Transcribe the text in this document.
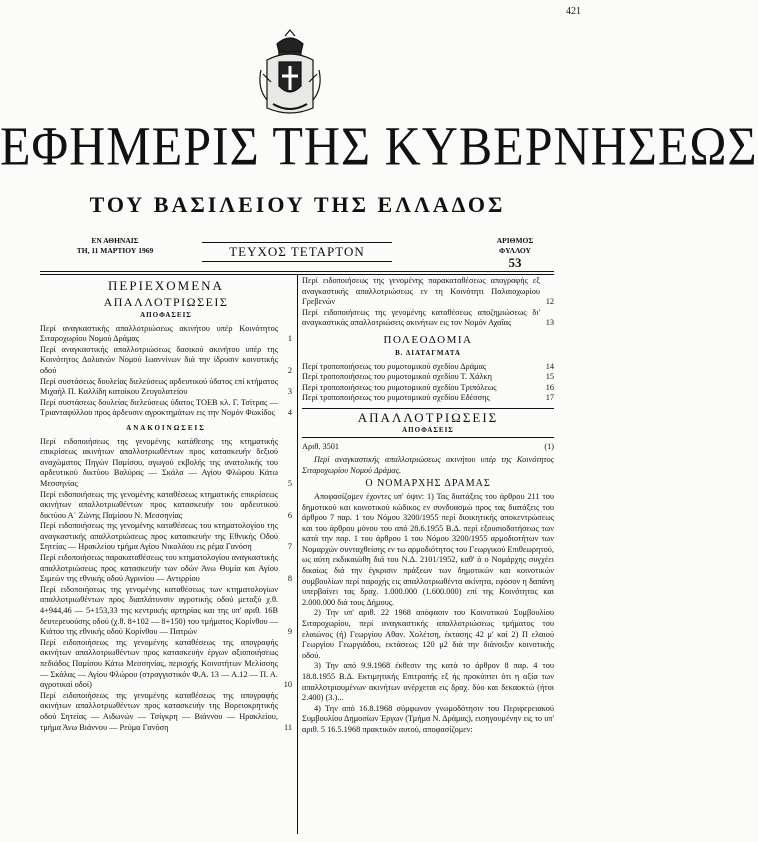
421
ΕΦΗΜΕΡΙΣ ΤΗΣ ΚΥΒΕΡΝΗΣΕΩΣ
ΤΟΥ ΒΑΣΙΛΕΙΟΥ ΤΗΣ ΕΛΛΑΔΟΣ
ΕΝ ΑΘΗΝΑΙΣ
ΤΗ, 11 ΜΑΡΤΙΟΥ 1969	ΤΕΥΧΟΣ ΤΕΤΑΡΤΟΝ
ΑΡΙΘΜΟΣ ΦΥΛΛΟΥ
53
ΠΕΡΙΕΧΟΜΕΝΑ
ΑΠΑΛΛΟΤΡΙΩΣΕΙΣ
ΑΠΟΦΑΣΕΙΣ
Περί αναγκαστικής απαλλοτριώσεως ακινήτου υπέρ Κοινότητος Σιταροχωρίου Νομού Δράμας	1
Περί αναγκαστικής απαλλοτριώσεως δασικού ακινήτου υπέρ της Κοινότητος Δολιανών Νομού Ιωαννίνων διά την ίδρυσιν κοινοτικής οδού	2
Περί συστάσεως δουλείας διελεύσεως αρδευτικού ύδατος επί κτήματος Μιχαήλ Π. Καλλίδη κατοίκου Ζευγολατείου	3
Περί συστάσεως δουλείας διελεύσεως ύδατος ΤΟΕΒ κλ. Γ. Τσίτρας — Τριανταφύλλου προς άρδευσιν αγροκτημάτων εις την Νομόν Φωκίδος	4
ΑΝΑΚΟΙΝΩΣΕΙΣ
Περί ειδοποιήσεως της γενομένης κατάθεσης της κτηματικής επικρίσεως ακινήτων απαλλοτριωθέντων προς κατασκευήν δεξιού αναχώματος Πηγών Παμίσου, αγωγού εκβολής της ανατολικής του αρδευτικού δικτύου Βαλύρας — Σκάλα — Αγίου Φλώρου Κάτω Μεσσηνίας	5
Περί ειδοποιήσεως της γενομένης καταθέσεως κτηματικής επικρίσεως ακινήτων απαλλοτριωθέντων προς κατασκευήν του αρδευτικού δικτύου Α΄ Ζώνης Παμίσου Ν. Μεσσηνίας	6
Περί ειδοποιήσεως της γενομένης καταθέσεως του κτηματολογίου της αναγκαστικής απαλλοτριώσεως προς κατασκευήν της Εθνικής Οδού Σητείας — Ηρακλείου τμήμα Αγίου Νικολάου εις ρέμα Γανόση	7
Περί ειδοποιήσεως παρακαταθέσεως του κτηματολογίου αναγκαστικής απαλλοτριώσεως προς κατασκευήν των οδών Άνω Θυμία και Αγίου Σιμεών της εθνικής οδού Αγρινίου — Αντιρρίου	8
Περί ειδοποιήσεως της γενομένης καταθέσεως των κτηματολογίων απαλλοτριωθέντων προς διαπλάτυνσιν αγροτικής οδού μεταξύ χ.θ. 4+944,46 — 5+153,33 της κεντρικής αρτηρίας και της υπ' αριθ. 16Β δευτερευούσης οδού (χ.θ. 8+102 — 8+150) του τμήματος Κορίνθου — Κιάτου της εθνικής οδού Κορίνθου — Πατρών	9
Περί ειδοποιήσεως της γενομένης καταθέσεως της απογραφής ακινήτων απαλλοτριωθέντων προς κατασκευήν έργων αξιοποιήσεως πεδιάδος Παμίσου Κάτω Μεσσηνίας, περιοχής Κοινοτήτων Μελίσσης — Σκάλας — Αγίου Φλώρου (στραγγιστικόν Φ.Α. 13 — Α.12 — Π. Α. αγροτικαί οδοί)	10
Περί ειδοποιήσεως της γενομένης καταθέσεως της απογραφής ακινήτων απαλλοτριωθέντων προς κατασκευήν της Βορειοκρητικής οδού Σητείας — Αιδωνών — Τσίγκρη — Βιάννου — Ηρακλείου, τμήμα Άνω Βιάννου — Ρεύμα Γανόση	11
Περί ειδοποιήσεως της γενομένης παρακαταθέσεως απογραφής εξ αναγκαστικής απαλλοτριώσεως εν τη Κοινότητι Παλαιοχωρίου Γρεβενών	12
Περί ειδοποιήσεως της γενομένης καταθέσεως αποζημιώσεως δι' αναγκαστικάς απαλλοτριώσεις ακινήτων εις τον Νομόν Αχαΐας	13
ΠΟΛΕΟΔΟΜΙΑ
Β. ΔΙΑΤΑΓΜΑΤΑ
Περί τροποποιήσεως του ρυμοτομικού σχεδίου Δράμας	14
Περί τροποποιήσεως του ρυμοτομικού σχεδίου Τ. Χάλκη	15
Περί τροποποιήσεως του ρυμοτομικού σχεδίου Τριπόλεως	16
Περί τροποποιήσεως του ρυμοτομικού σχεδίου Εδέσσης	17
ΑΠΑΛΛΟΤΡΙΩΣΕΙΣ
ΑΠΟΦΑΣΕΙΣ
Αριθ. 3501	(1)

Περί αναγκαστικής απαλλοτριώσεως ακινήτου υπέρ της Κοινότητος Σιταροχωρίου Νομού Δράμας.

Ο ΝΟΜΑΡΧΗΣ ΔΡΑΜΑΣ

Αποφασίζομεν έχοντες υπ' όψιν: 1) Τας διατάξεις του άρθρου 211 του δημοτικού και κοινοτικού κώδικος εν συνδυασμώ προς τας διατάξεις του άρθρου 7 παρ. 1 του Νόμου 3200/1955 περί διοικητικής αποκεντρώσεως και του άρθρου μόνου του από 28.6.1955 Β.Δ. περί εξουσιοδοτήσεως των κατά την παρ. 1 του άρθρου 1 του Νόμου 3200/1955 αρμοδιοτήτων των Νομαρχών συνταχθείσης εν τω αρμοδιότητος του Γεωργικού Επιθεωρητού, ως αύτη εκδικαιώθη διά του Ν.Δ. 2101/1952, καθ' ά ο Νομάρχης συγχέει δικαίως διά την έγκρισιν πράξεων των δημοτικών και κοινοτικών συμβουλίων περί παροχής εις απαλλοτριωθέντα ακίνητα, εφόσον η δαπάνη υπερβαίνει τας δραχ. 1.000.000 (1.600.000) επί της Κοινότητος και 2.000.000 διά τους Δήμους.

2) Την υπ' αριθ. 22 1968 απόφασιν του Κοινοτικού Συμβουλίου Σιταροχωρίου, περί αναγκαστικής απαλλοτριώσεως τμήματος του ελαιώνος (ή) Γεωργίου Αθαν. Χολέτση, έκτασης 42 μ' καί 2) Π ελαιού Γεωργίου Γεωργιάδου, εκτάσεως 120 μ2 διά την διάνοιξιν κοινοτικής οδού.

3) Την από 9.9.1968 έκθεσιν της κατά το άρθρον 8 παρ. 4 του 18.8.1955 Β.Δ. Εκτιμητικής Επιτροπής εξ ής προκύπτει ότι η αξία των απαλλοτριουμένων ακινήτων ανέρχεται εις δραχ. δύο και δεκαοκτώ (ήτοι 2.400) (3.)...

4) Την από 16.8.1968 σύμφωνον γνωμοδότησιν του Περιφερειακού Συμβουλίου Δημοσίων Έργων (Τμήμα Ν. Δράμας), εισηγουμένην εις το υπ' αριθ. 5 16.5.1968 πρακτικόν αυτού, αποφασίζομεν:
